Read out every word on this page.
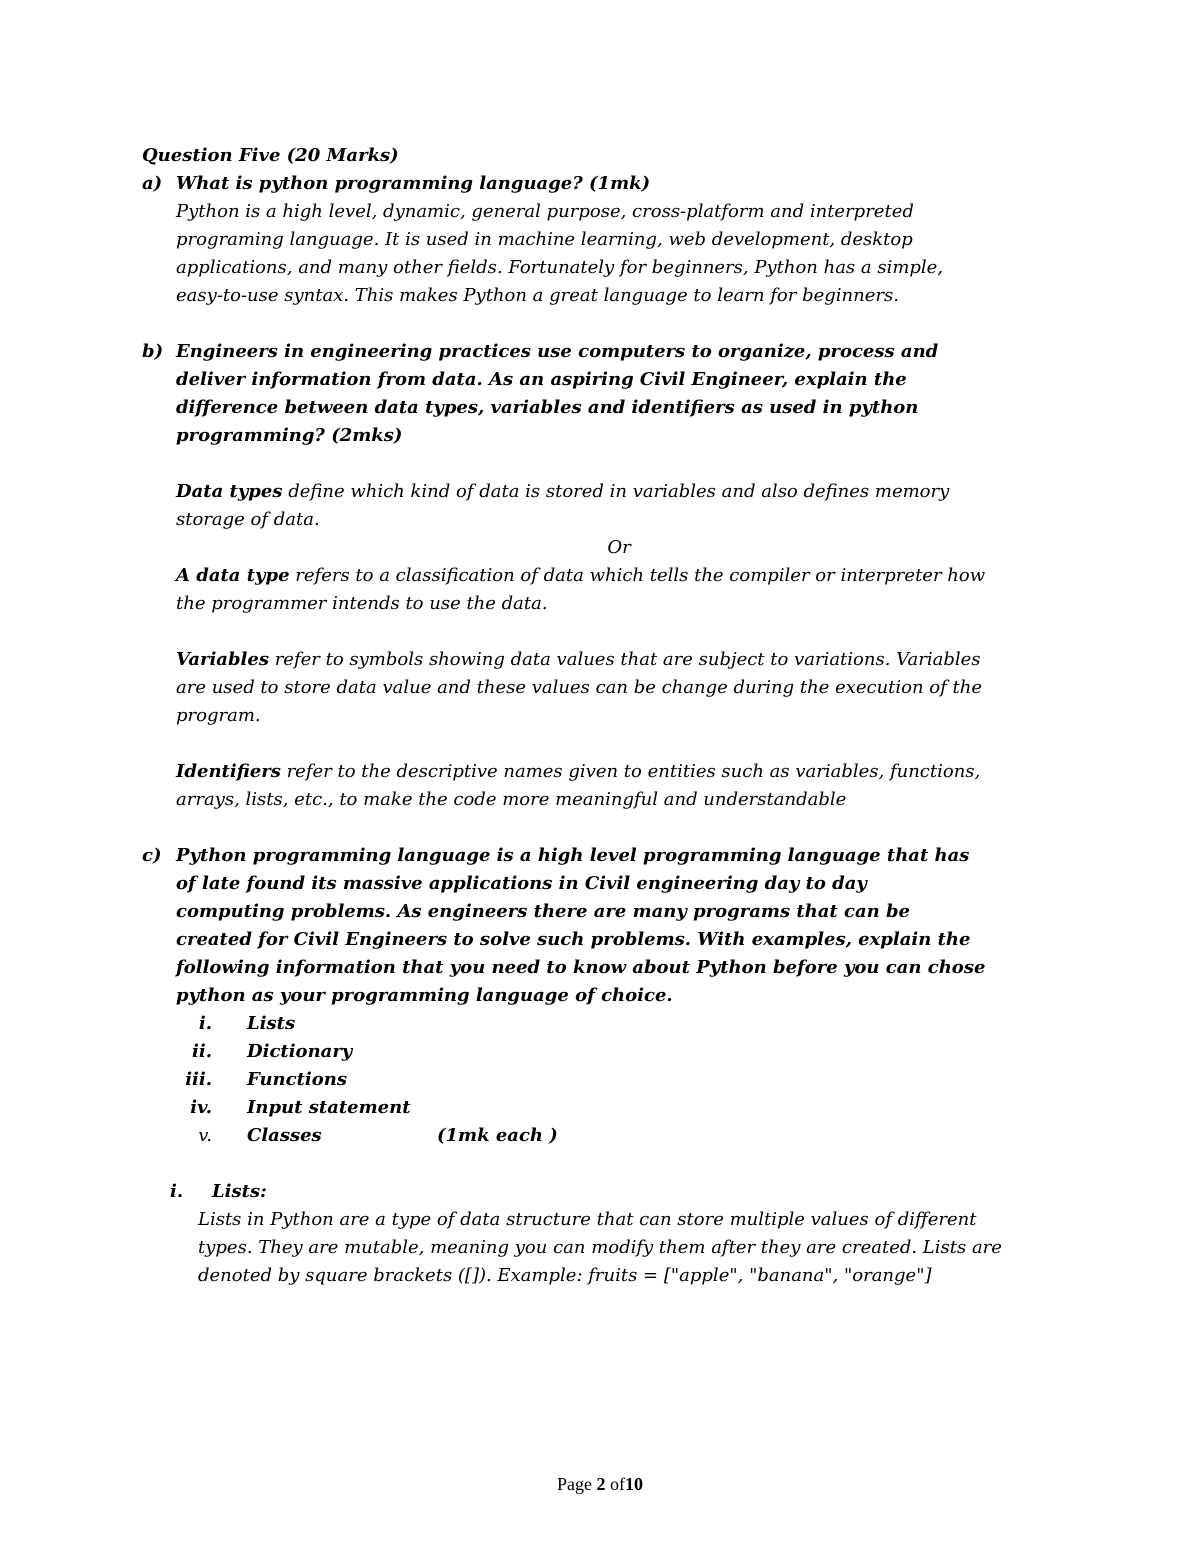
Question Five (20 Marks)

a) What is python programming language? (1mk)

Python is a high level, dynamic, general purpose, cross-platform and interpreted
programing language. It is used in machine learning, web development, desktop
applications, and many other fields. Fortunately for beginners, Python has a simple,
easy-to-use syntax. This makes Python a great language to learn for beginners.

b) Engineers in engineering practices use computers to organize, process and
deliver information from data. As an aspiring Civil Engineer, explain the
difference between data types, variables and identifiers as used in python
programming? (2mks)

Data types define which kind of data is stored in variables and also defines memory
storage of data.

Or

A data type refers to a classification of data which tells the compiler or interpreter how
the programmer intends to use the data.

Variables refer to symbols showing data values that are subject to variations. Variables
are used to store data value and these values can be change during the execution of the
program.

Identifiers refer to the descriptive names given to entities such as variables, functions,
arrays, lists, etc., to make the code more meaningful and understandable

c) Python programming language is a high level programming language that has
of late found its massive applications in Civil engineering day to day
computing problems. As engineers there are many programs that can be
created for Civil Engineers to solve such problems. With examples, explain the
following information that you need to know about Python before you can chose
python as your programming language of choice.

i. Lists

ii. Dictionary

iii. Functions

iv. Input statement

v. Classes	(1mk each )

i. Lists:

Lists in Python are a type of data structure that can store multiple values of different
types. They are mutable, meaning you can modify them after they are created. Lists are
denoted by square brackets ([]). Example: fruits = ["apple", "banana", "orange"]

Page 2 of10
